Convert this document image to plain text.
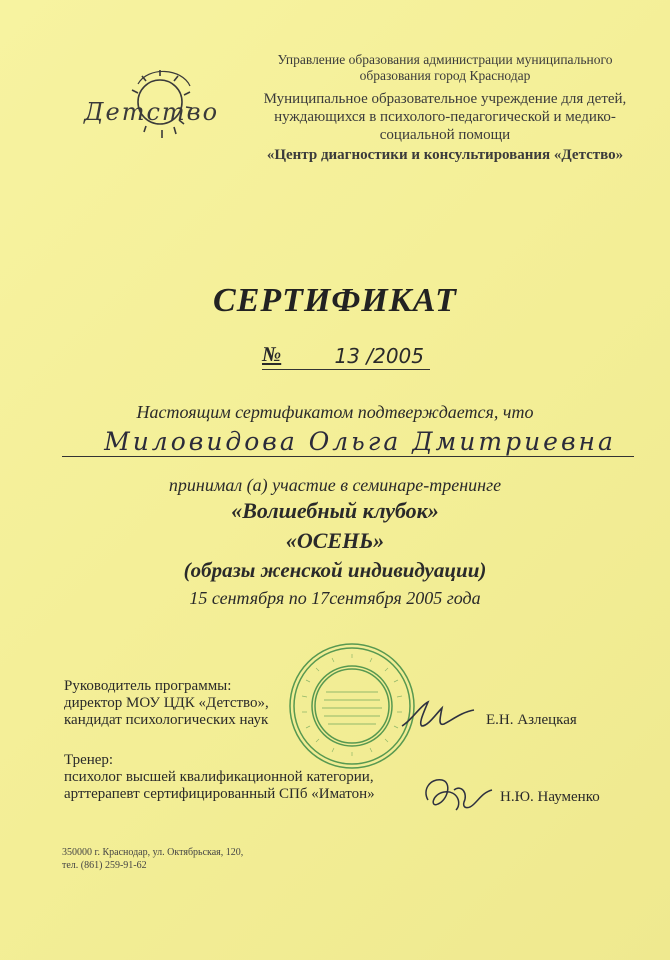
Детство
Управление образования администрации муниципального образования город Краснодар
Муниципальное образовательное учреждение для детей, нуждающихся в психолого-педагогической и медико-социальной помощи
«Центр диагностики и консультирования «Детство»
СЕРТИФИКАТ
№	13 /2005
Настоящим сертификатом подтверждается, что
Миловидова Ольга Дмитриевна
принимал (а) участие в семинаре-тренинге
«Волшебный клубок»
«ОСЕНЬ»
(образы женской индивидуации)
15 сентября по 17сентября 2005 года
Руководитель программы:
директор МОУ ЦДК «Детство»,
кандидат психологических наук	Е.Н. Азлецкая
Тренер:
психолог высшей квалификационной категории,
арттерапевт сертифицированный СПб «Иматон»	Н.Ю. Науменко
350000 г. Краснодар, ул. Октябрьская, 120,
тел. (861) 259-91-62
